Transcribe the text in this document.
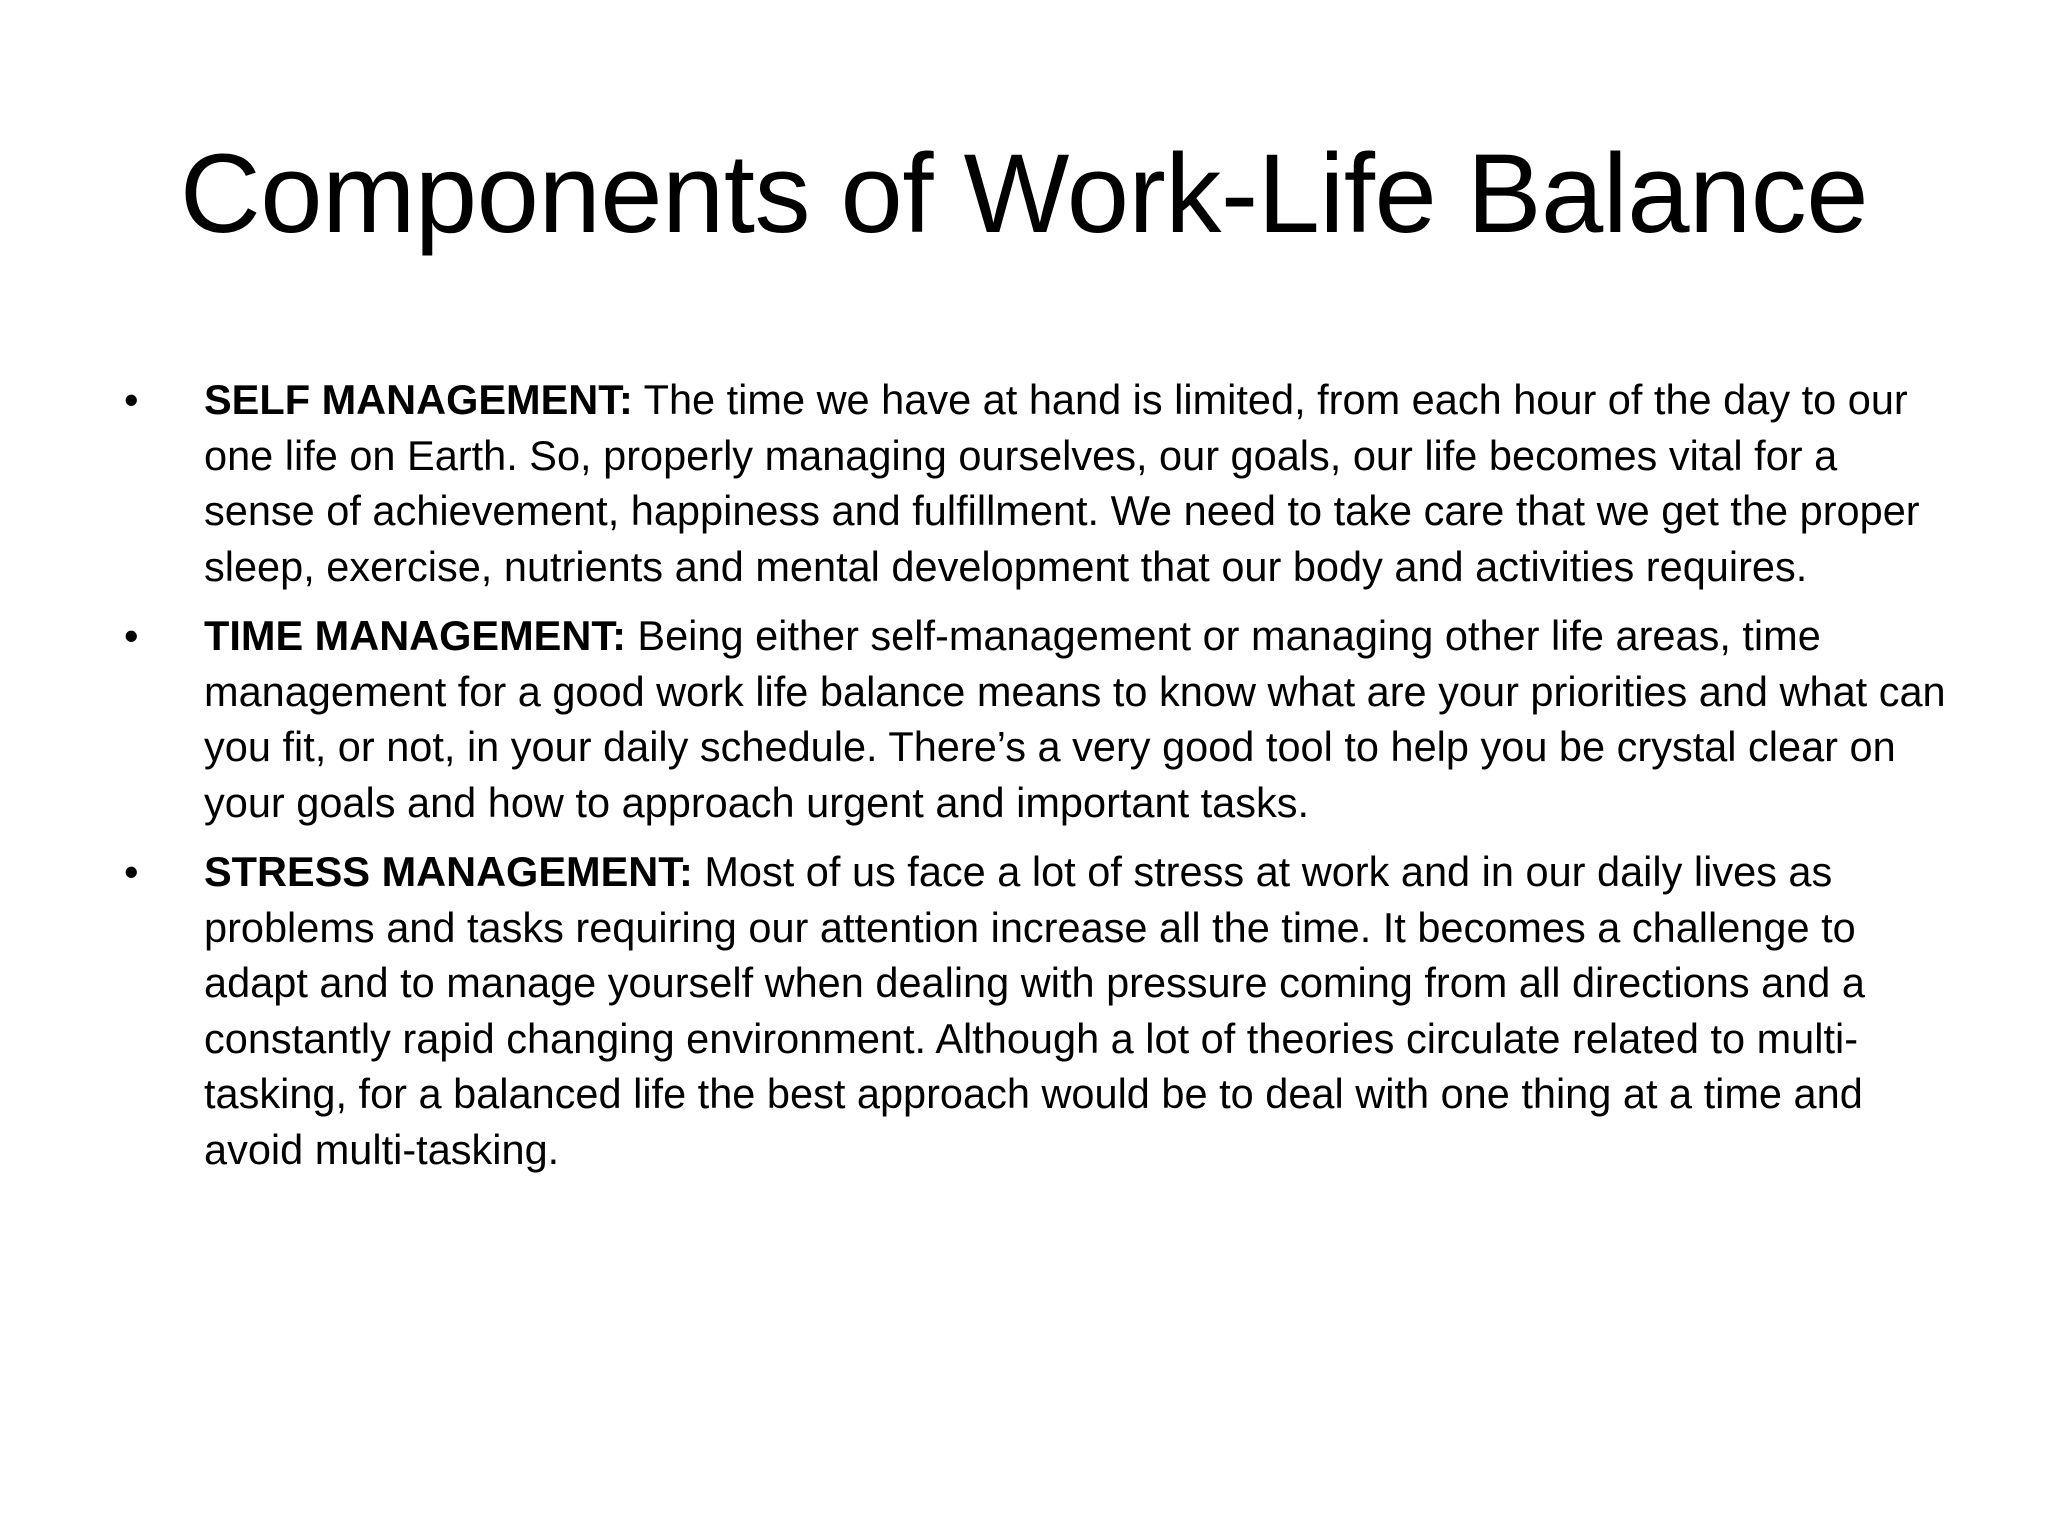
Components of Work-Life Balance
• SELF MANAGEMENT: The time we have at hand is limited, from each hour of the day to our one life on Earth. So, properly managing ourselves, our goals, our life becomes vital for a sense of achievement, happiness and fulfillment. We need to take care that we get the proper sleep, exercise, nutrients and mental development that our body and activities requires.
• TIME MANAGEMENT: Being either self-management or managing other life areas, time management for a good work life balance means to know what are your priorities and what can you fit, or not, in your daily schedule. There’s a very good tool to help you be crystal clear on your goals and how to approach urgent and important tasks.
• STRESS MANAGEMENT: Most of us face a lot of stress at work and in our daily lives as problems and tasks requiring our attention increase all the time. It becomes a challenge to adapt and to manage yourself when dealing with pressure coming from all directions and a constantly rapid changing environment. Although a lot of theories circulate related to multi-tasking, for a balanced life the best approach would be to deal with one thing at a time and avoid multi-tasking.
